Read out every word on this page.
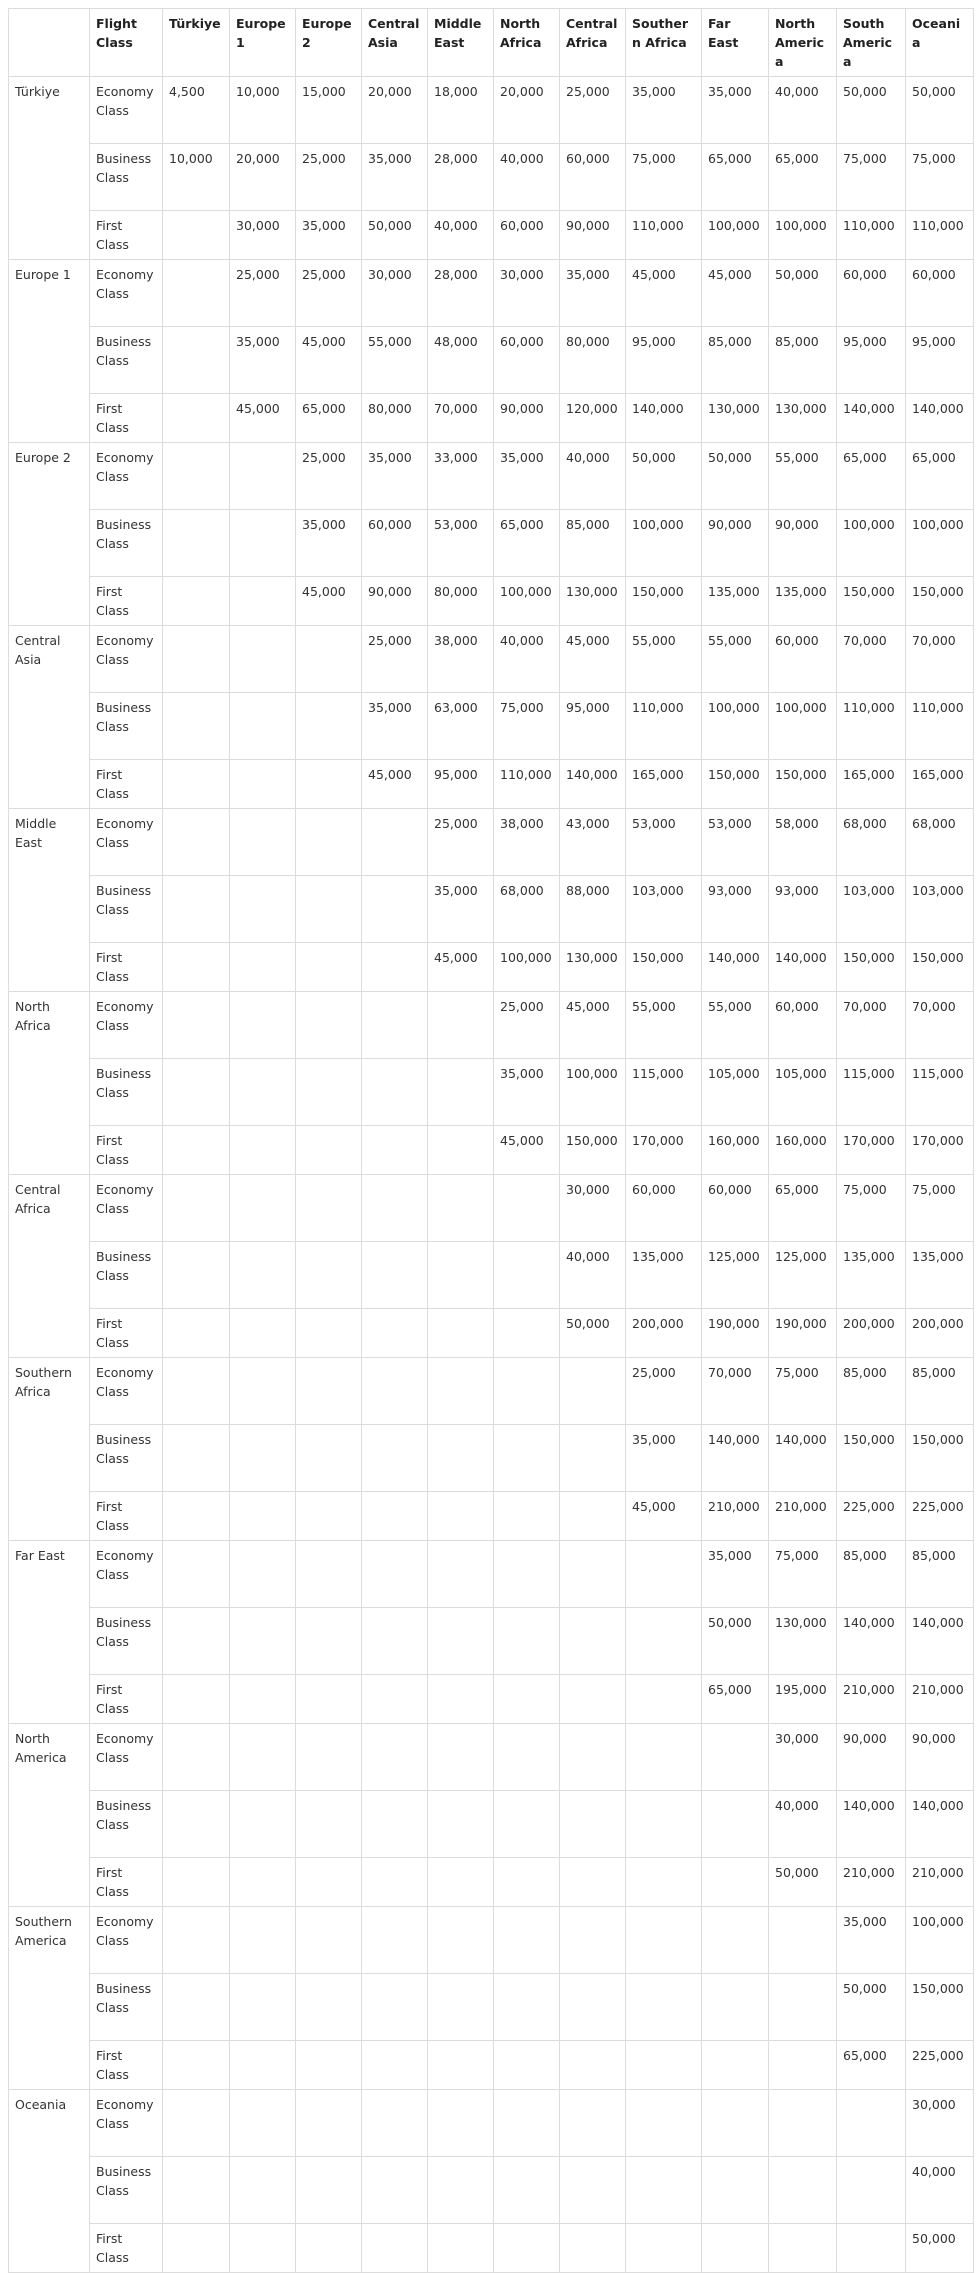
	Flight Class	Türkiye	Europe 1	Europe 2	Central Asia	Middle East	North Africa	Central Africa	Southern Africa	Far East	North America	South America	Oceania
Türkiye	Economy Class	4,500	10,000	15,000	20,000	18,000	20,000	25,000	35,000	35,000	40,000	50,000	50,000
	Business Class	10,000	20,000	25,000	35,000	28,000	40,000	60,000	75,000	65,000	65,000	75,000	75,000
	First Class		30,000	35,000	50,000	40,000	60,000	90,000	110,000	100,000	100,000	110,000	110,000
Europe 1	Economy Class		25,000	25,000	30,000	28,000	30,000	35,000	45,000	45,000	50,000	60,000	60,000
	Business Class		35,000	45,000	55,000	48,000	60,000	80,000	95,000	85,000	85,000	95,000	95,000
	First Class		45,000	65,000	80,000	70,000	90,000	120,000	140,000	130,000	130,000	140,000	140,000
Europe 2	Economy Class			25,000	35,000	33,000	35,000	40,000	50,000	50,000	55,000	65,000	65,000
	Business Class			35,000	60,000	53,000	65,000	85,000	100,000	90,000	90,000	100,000	100,000
	First Class			45,000	90,000	80,000	100,000	130,000	150,000	135,000	135,000	150,000	150,000
Central Asia	Economy Class				25,000	38,000	40,000	45,000	55,000	55,000	60,000	70,000	70,000
	Business Class				35,000	63,000	75,000	95,000	110,000	100,000	100,000	110,000	110,000
	First Class				45,000	95,000	110,000	140,000	165,000	150,000	150,000	165,000	165,000
Middle East	Economy Class					25,000	38,000	43,000	53,000	53,000	58,000	68,000	68,000
	Business Class					35,000	68,000	88,000	103,000	93,000	93,000	103,000	103,000
	First Class					45,000	100,000	130,000	150,000	140,000	140,000	150,000	150,000
North Africa	Economy Class						25,000	45,000	55,000	55,000	60,000	70,000	70,000
	Business Class						35,000	100,000	115,000	105,000	105,000	115,000	115,000
	First Class						45,000	150,000	170,000	160,000	160,000	170,000	170,000
Central Africa	Economy Class							30,000	60,000	60,000	65,000	75,000	75,000
	Business Class							40,000	135,000	125,000	125,000	135,000	135,000
	First Class							50,000	200,000	190,000	190,000	200,000	200,000
Southern Africa	Economy Class								25,000	70,000	75,000	85,000	85,000
	Business Class								35,000	140,000	140,000	150,000	150,000
	First Class								45,000	210,000	210,000	225,000	225,000
Far East	Economy Class									35,000	75,000	85,000	85,000
	Business Class									50,000	130,000	140,000	140,000
	First Class									65,000	195,000	210,000	210,000
North America	Economy Class										30,000	90,000	90,000
	Business Class										40,000	140,000	140,000
	First Class										50,000	210,000	210,000
Southern America	Economy Class											35,000	100,000
	Business Class											50,000	150,000
	First Class											65,000	225,000
Oceania	Economy Class												30,000
	Business Class												40,000
	First Class												50,000
